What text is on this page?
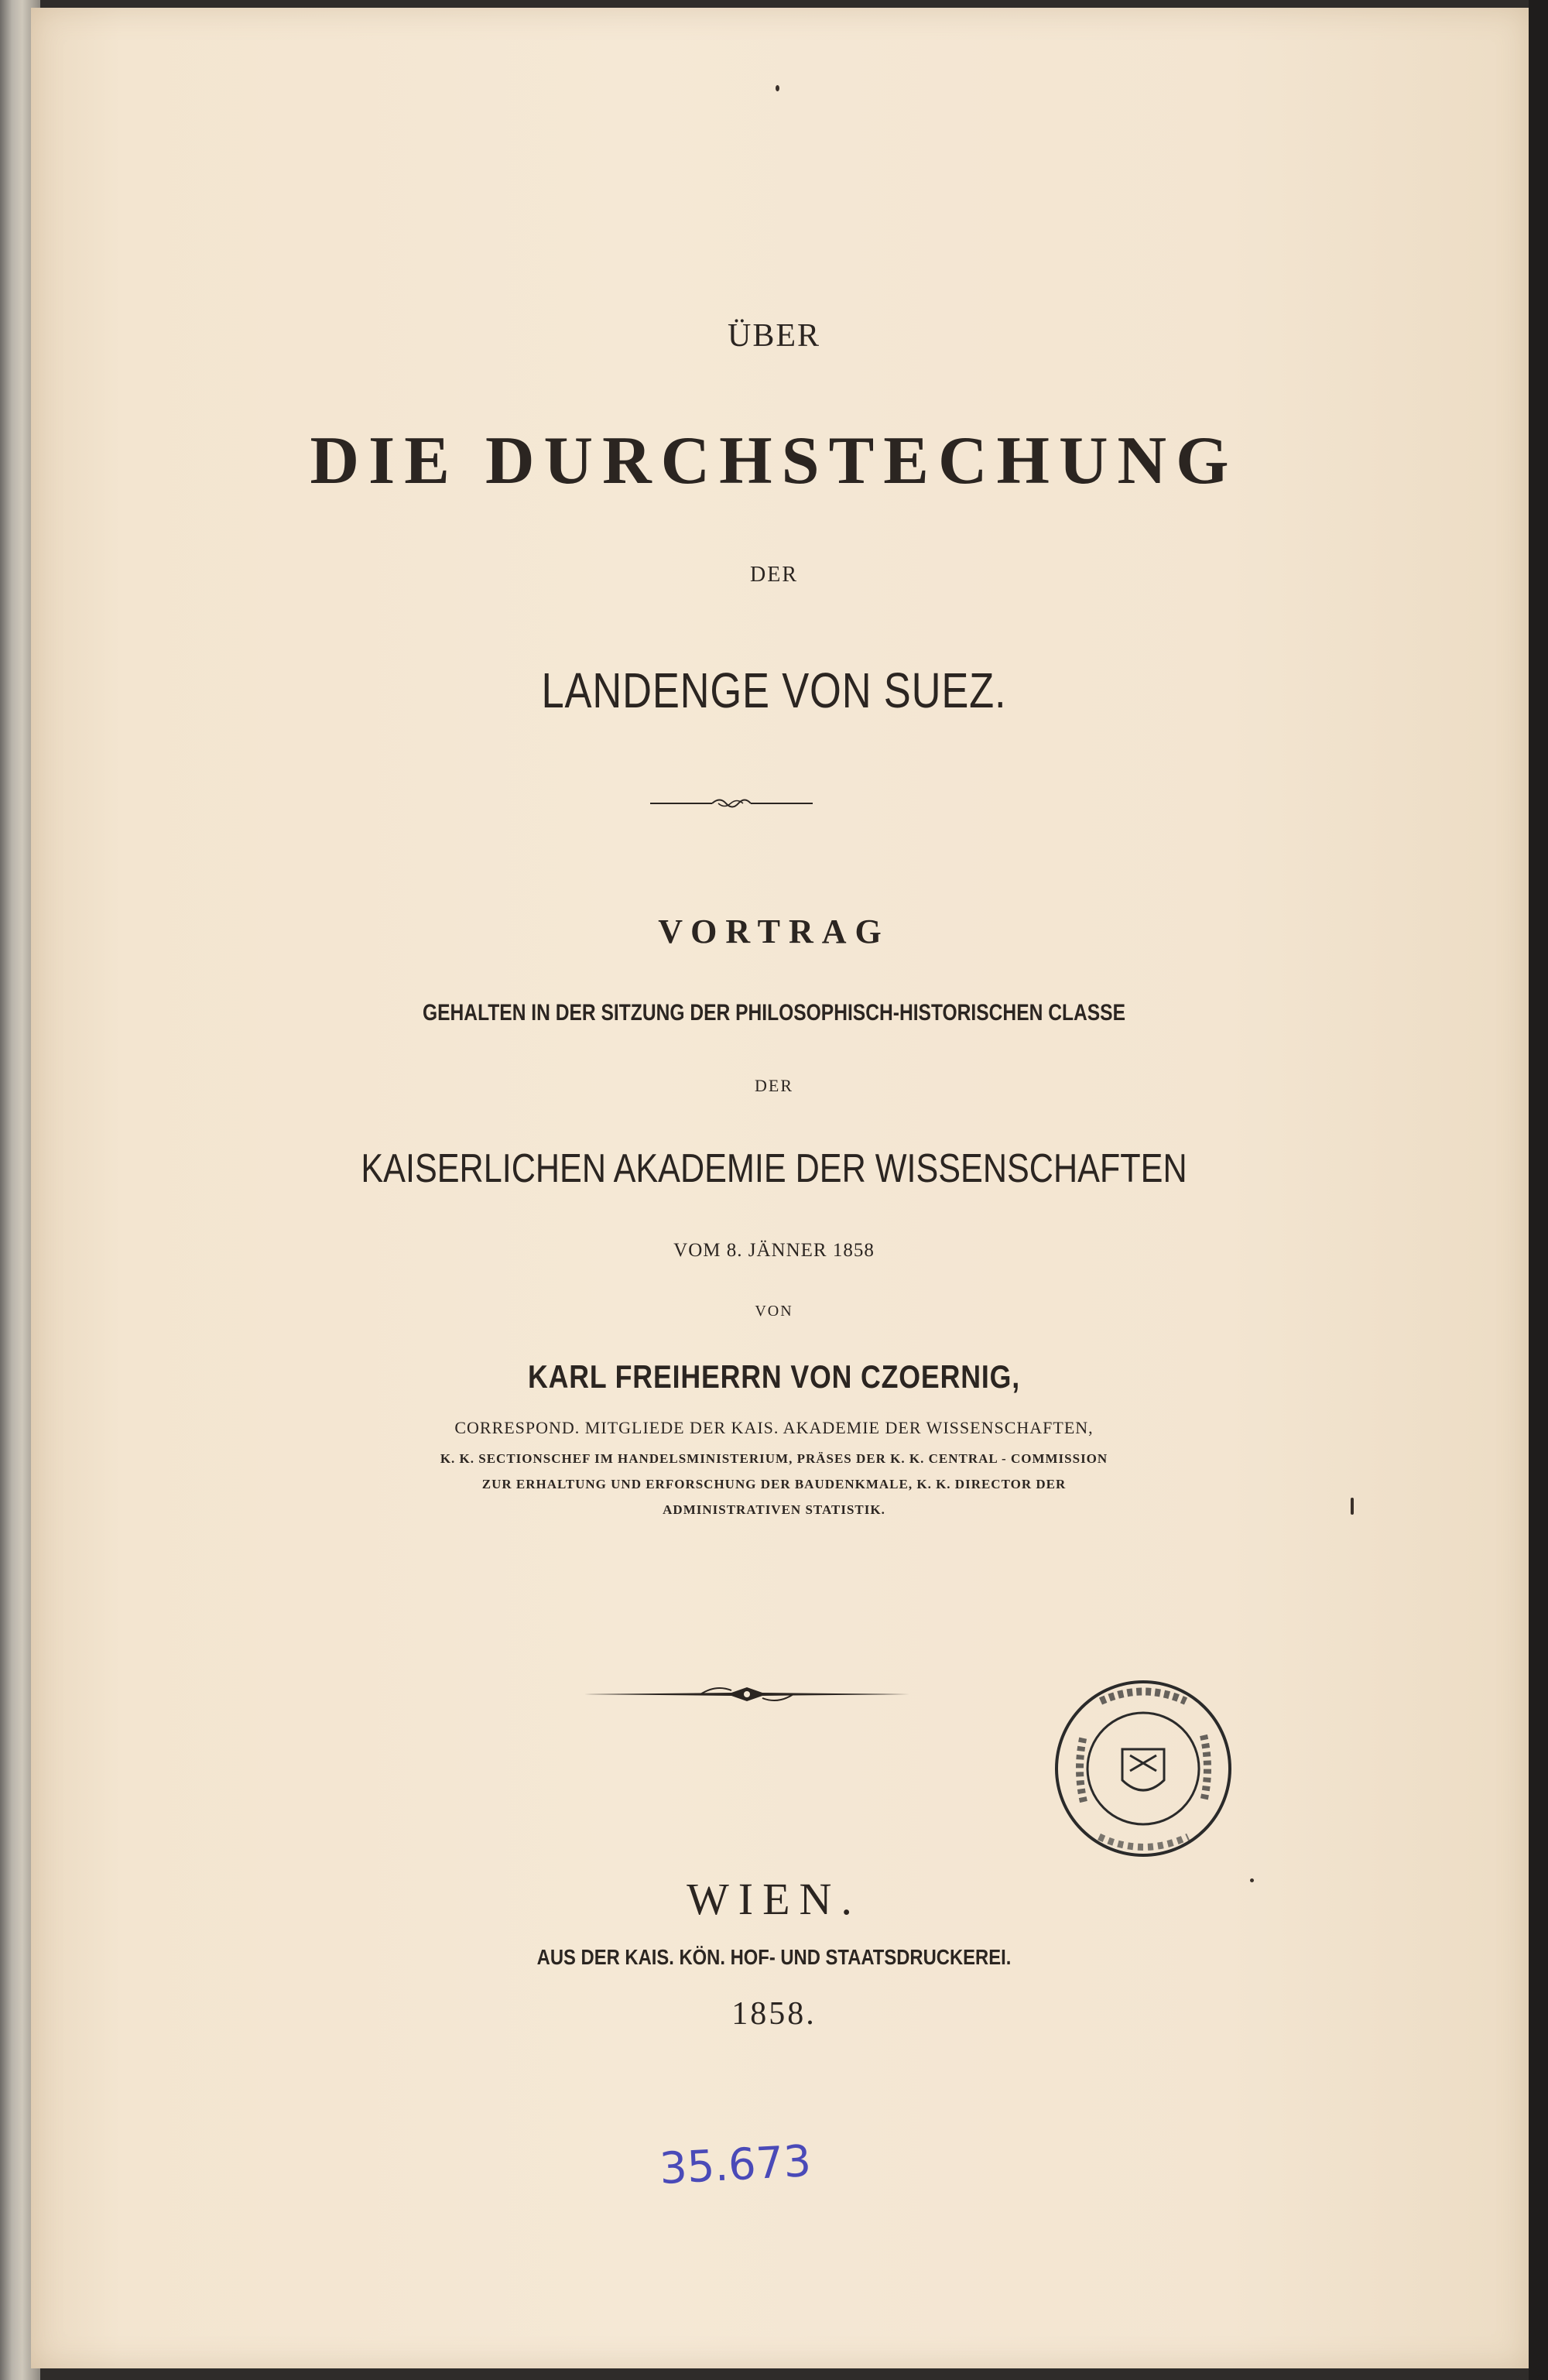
ÜBER
DIE DURCHSTECHUNG
DER
LANDENGE VON SUEZ.
VORTRAG
GEHALTEN IN DER SITZUNG DER PHILOSOPHISCH-HISTORISCHEN CLASSE
DER
KAISERLICHEN AKADEMIE DER WISSENSCHAFTEN
VOM 8. JÄNNER 1858
VON
KARL FREIHERRN VON CZOERNIG,
CORRESPOND. MITGLIEDE DER KAIS. AKADEMIE DER WISSENSCHAFTEN,
K. K. SECTIONSCHEF IM HANDELSMINISTERIUM, PRÄSES DER K. K. CENTRAL - COMMISSION
ZUR ERHALTUNG UND ERFORSCHUNG DER BAUDENKMALE, K. K. DIRECTOR DER
ADMINISTRATIVEN STATISTIK.
WIEN.
AUS DER KAIS. KÖN. HOF- UND STAATSDRUCKEREI.
1858.
35.673
